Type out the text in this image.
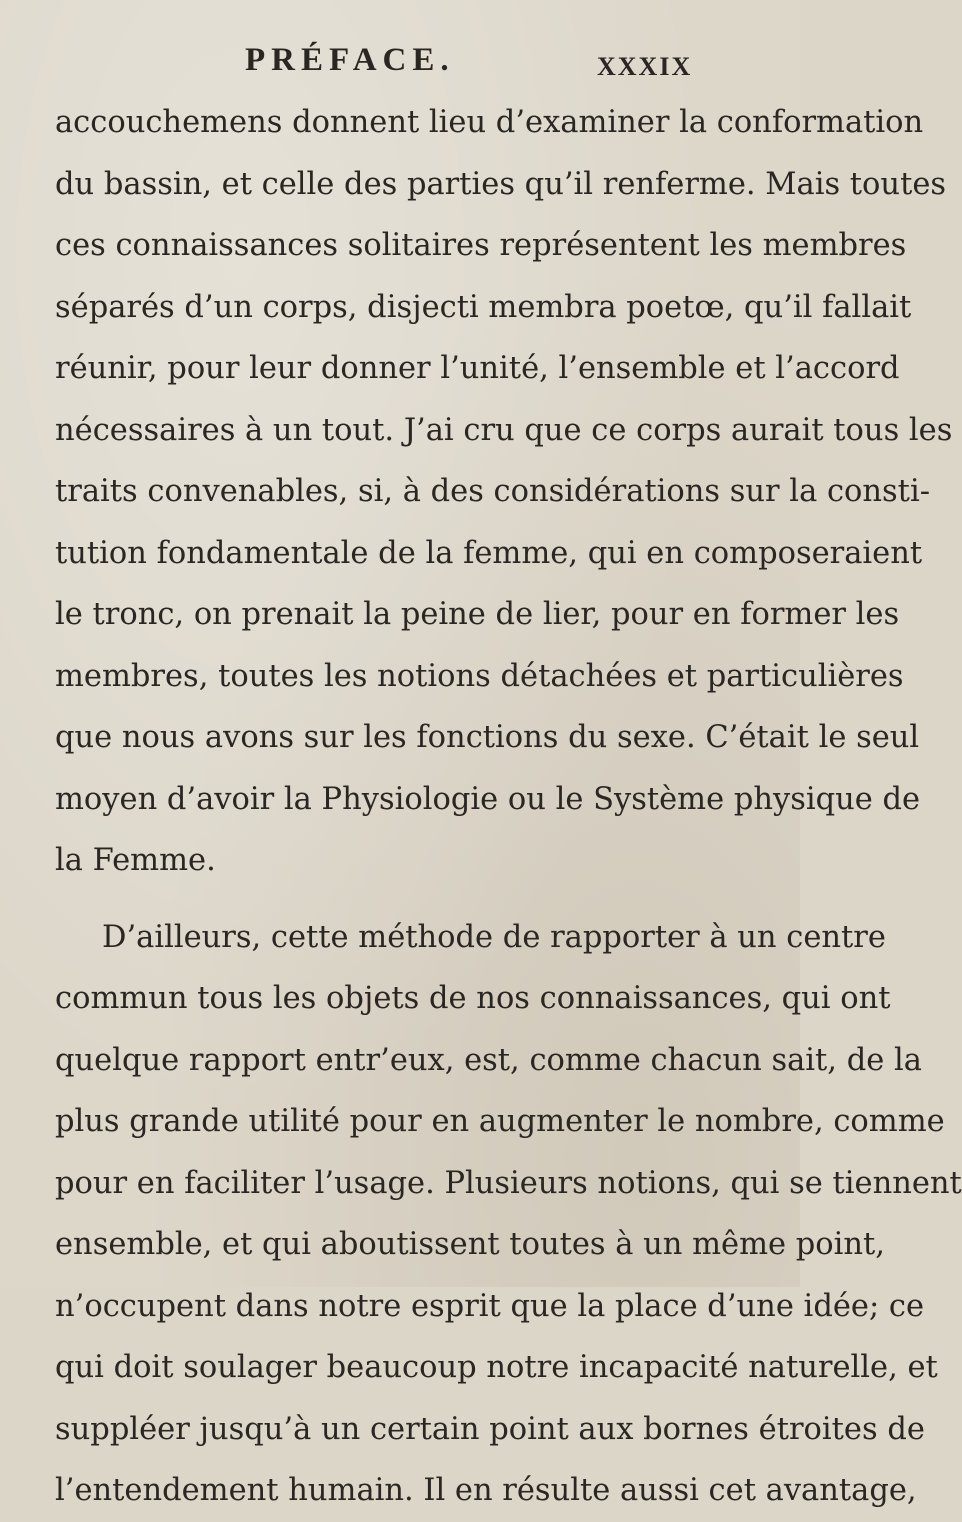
PRÉFACE.	XXXIX
accouchemens donnent lieu d’examiner la conformation
du bassin, et celle des parties qu’il renferme. Mais toutes
ces connaissances solitaires représentent les membres
séparés d’un corps, disjecti membra poetœ, qu’il fallait
réunir, pour leur donner l’unité, l’ensemble et l’accord
nécessaires à un tout. J’ai cru que ce corps aurait tous les
traits convenables, si, à des considérations sur la consti-
tution fondamentale de la femme, qui en composeraient
le tronc, on prenait la peine de lier, pour en former les
membres, toutes les notions détachées et particulières
que nous avons sur les fonctions du sexe. C’était le seul
moyen d’avoir la Physiologie ou le Système physique de
la Femme.
D’ailleurs, cette méthode de rapporter à un centre
commun tous les objets de nos connaissances, qui ont
quelque rapport entr’eux, est, comme chacun sait, de la
plus grande utilité pour en augmenter le nombre, comme
pour en faciliter l’usage. Plusieurs notions, qui se tiennent
ensemble, et qui aboutissent toutes à un même point,
n’occupent dans notre esprit que la place d’une idée; ce
qui doit soulager beaucoup notre incapacité naturelle, et
suppléer jusqu’à un certain point aux bornes étroites de
l’entendement humain. Il en résulte aussi cet avantage,
